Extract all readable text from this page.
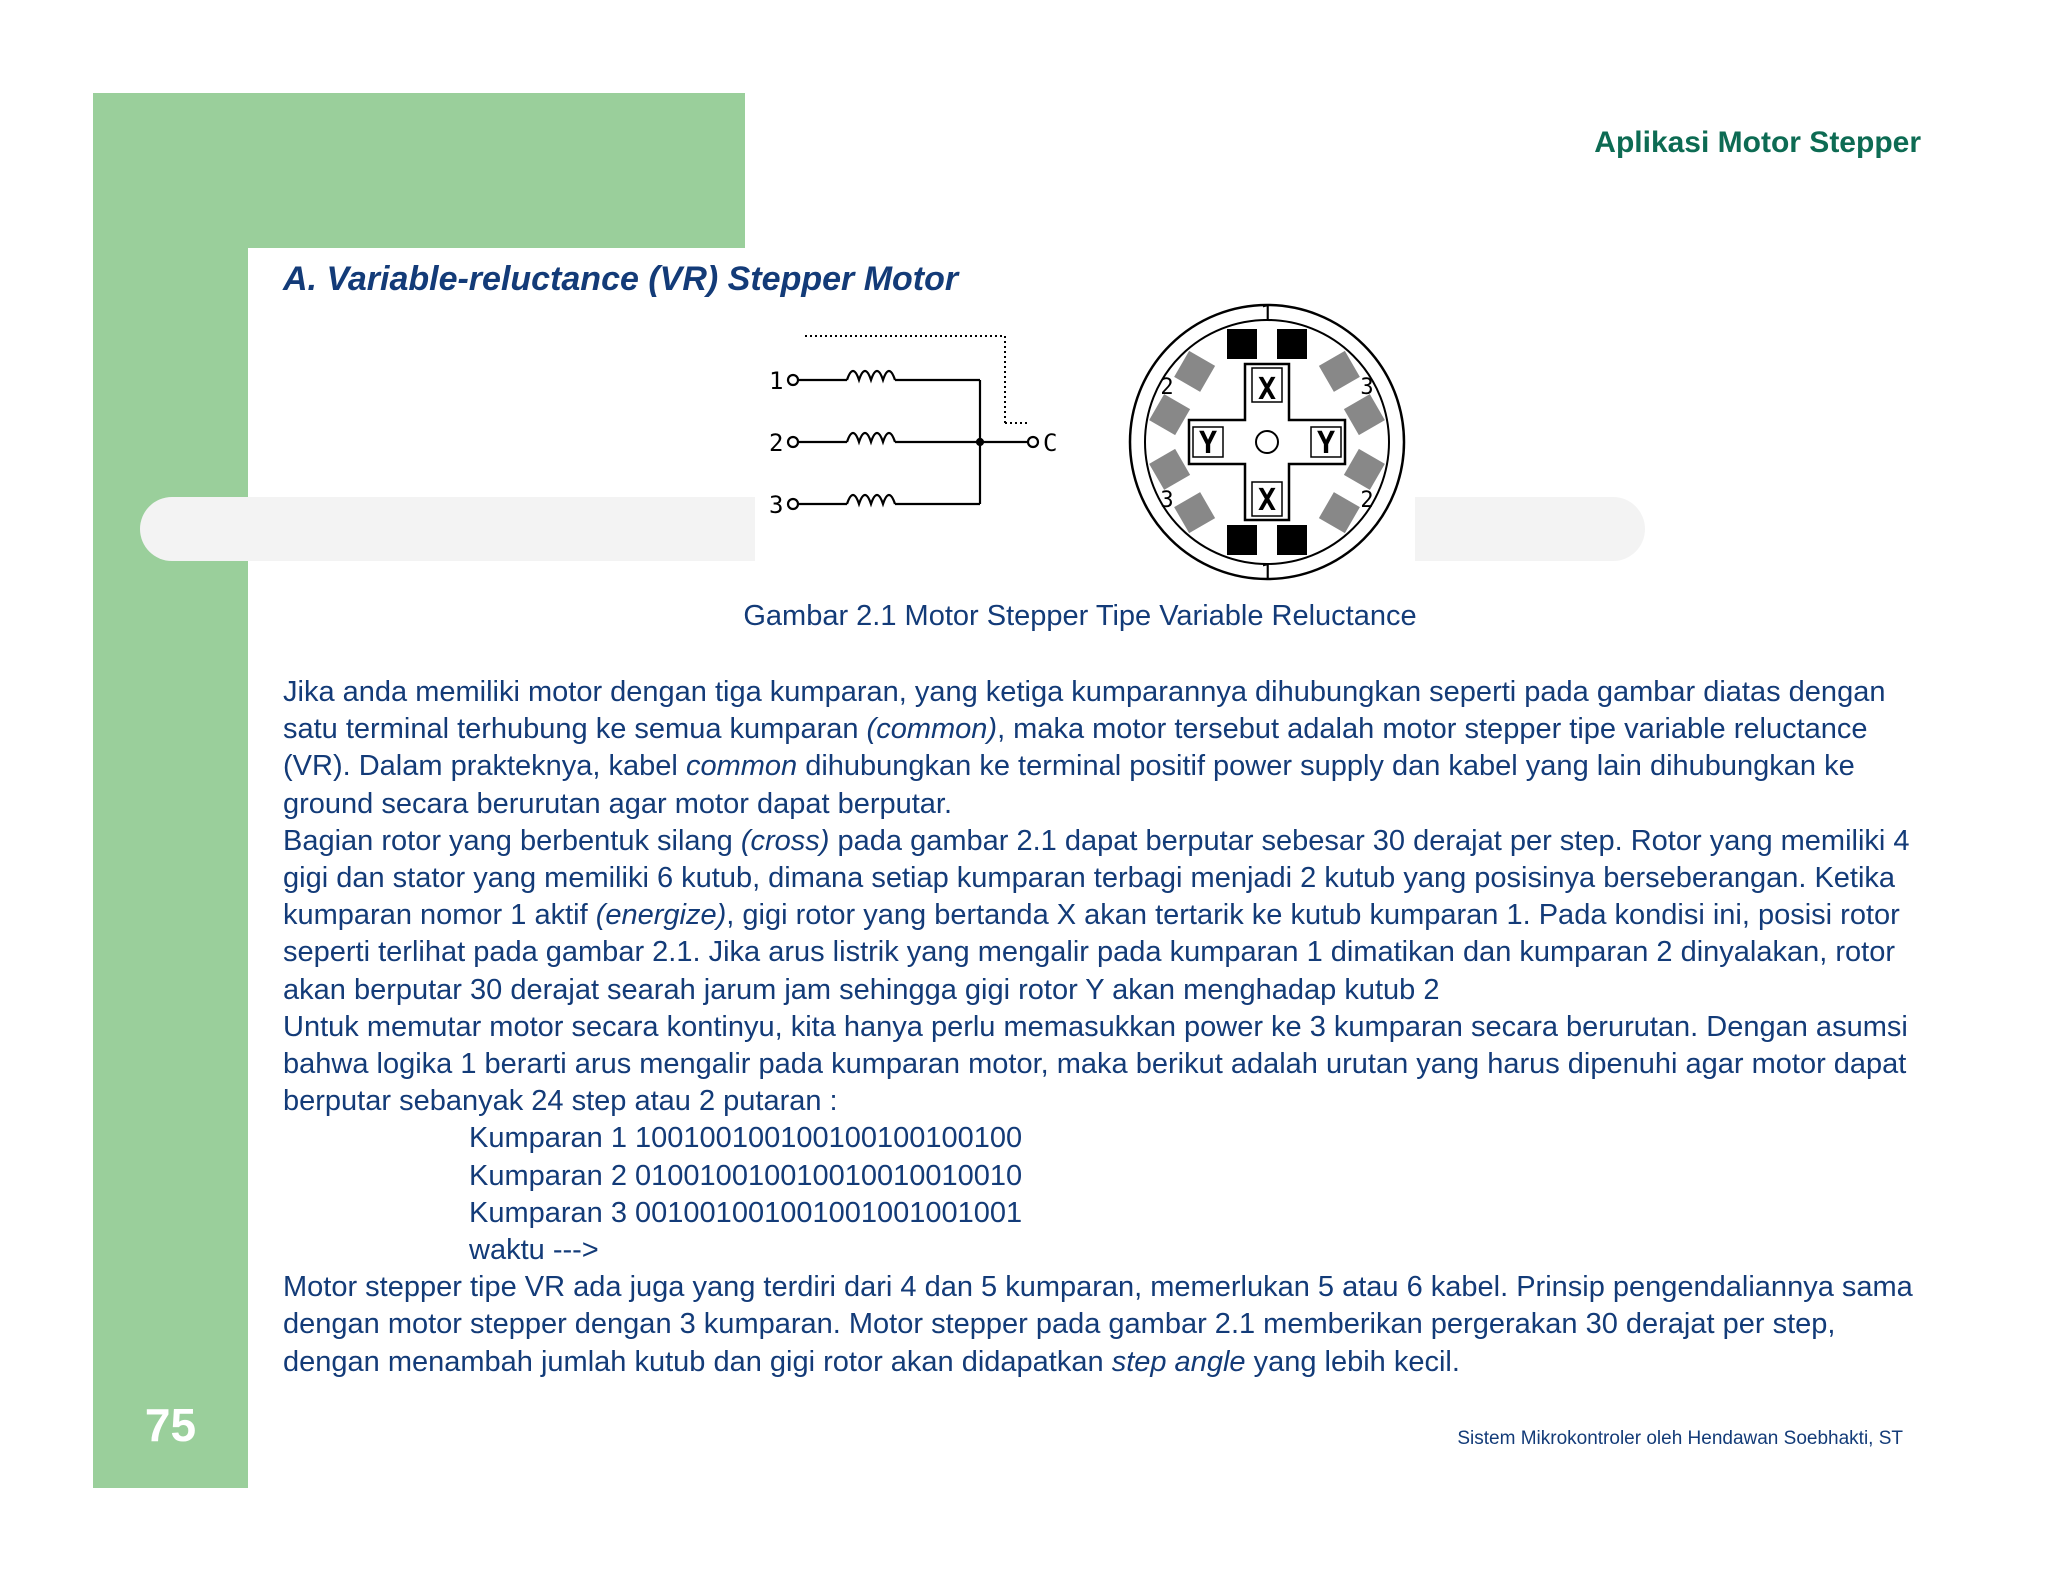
Aplikasi Motor Stepper
A. Variable-reluctance (VR) Stepper Motor
1
2
3
C
1
2	3
3	2
1
X
Y	Y
X
Gambar 2.1 Motor Stepper Tipe Variable Reluctance

Jika anda memiliki motor dengan tiga kumparan, yang ketiga kumparannya dihubungkan seperti pada gambar diatas dengan satu terminal terhubung ke semua kumparan (common), maka motor tersebut adalah motor stepper tipe variable reluctance (VR). Dalam prakteknya, kabel common dihubungkan ke terminal positif power supply dan kabel yang lain dihubungkan ke ground secara berurutan agar motor dapat berputar.

Bagian rotor yang berbentuk silang (cross) pada gambar 2.1 dapat berputar sebesar 30 derajat per step. Rotor yang memiliki 4 gigi dan stator yang memiliki 6 kutub, dimana setiap kumparan terbagi menjadi 2 kutub yang posisinya berseberangan. Ketika kumparan nomor 1 aktif (energize), gigi rotor yang bertanda X akan tertarik ke kutub kumparan 1. Pada kondisi ini, posisi rotor seperti terlihat pada gambar 2.1. Jika arus listrik yang mengalir pada kumparan 1 dimatikan dan kumparan 2 dinyalakan, rotor akan berputar 30 derajat searah jarum jam sehingga gigi rotor Y akan menghadap kutub 2

Untuk memutar motor secara kontinyu, kita hanya perlu memasukkan power ke 3 kumparan secara berurutan. Dengan asumsi bahwa logika 1 berarti arus mengalir pada kumparan motor, maka berikut adalah urutan yang harus dipenuhi agar motor dapat berputar sebanyak 24 step atau 2 putaran :

Kumparan 1 100100100100100100100100

Kumparan 2 010010010010010010010010

Kumparan 3 001001001001001001001001

waktu --->

Motor stepper tipe VR ada juga yang terdiri dari 4 dan 5 kumparan, memerlukan 5 atau 6 kabel. Prinsip pengendaliannya sama dengan motor stepper dengan 3 kumparan. Motor stepper pada gambar 2.1 memberikan pergerakan 30 derajat per step, dengan menambah jumlah kutub dan gigi rotor akan didapatkan step angle yang lebih kecil.

75	Sistem Mikrokontroler oleh Hendawan Soebhakti, ST
